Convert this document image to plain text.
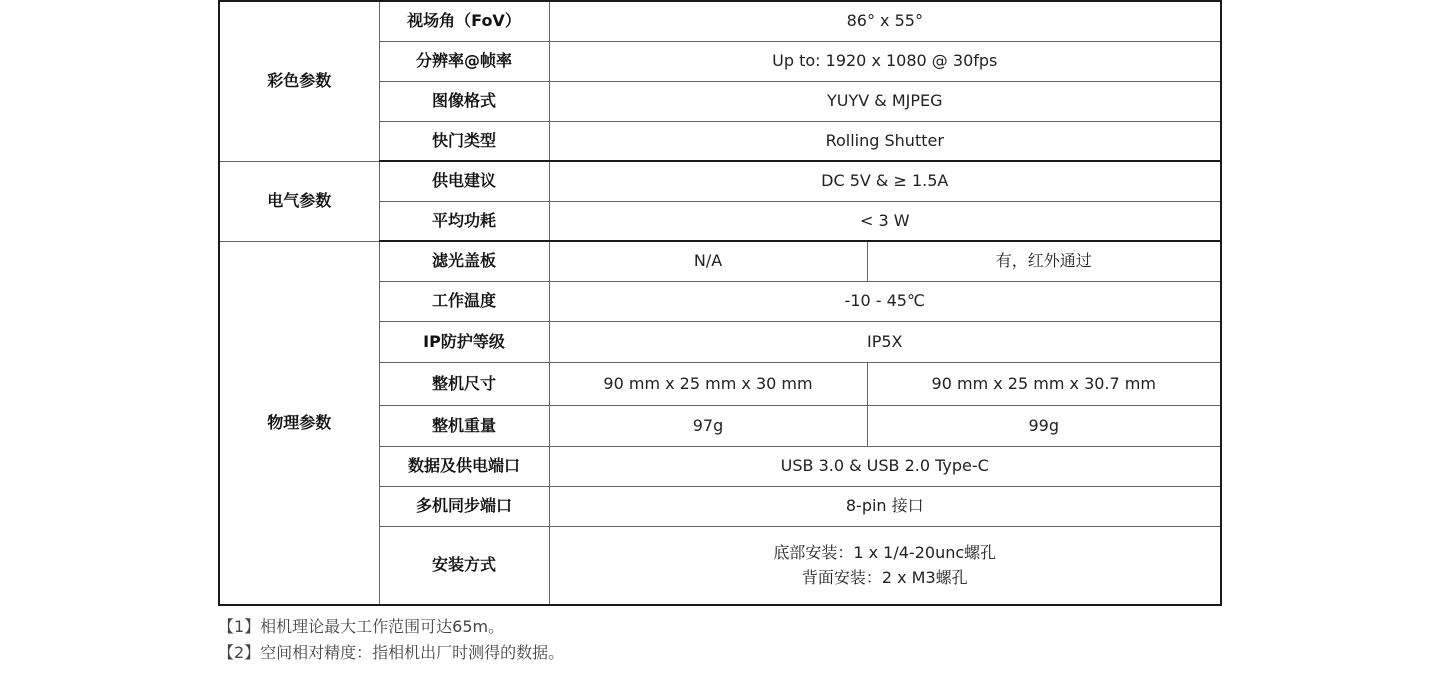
彩色参数	视场角（FoV）	86° x 55°	
	分辨率@帧率	Up to: 1920 x 1080 @ 30fps	
	图像格式	YUYV & MJPEG	
	快门类型	Rolling Shutter	
电气参数	供电建议	DC 5V & ≥ 1.5A	
	平均功耗	< 3 W	
物理参数	滤光盖板	N/A	有，红外通过
	工作温度	-10 - 45℃	
	IP防护等级	IP5X	
	整机尺寸	90 mm x 25 mm x 30 mm	90 mm x 25 mm x 30.7 mm
	整机重量	97g	99g
	数据及供电端口	USB 3.0 & USB 2.0 Type-C	
	多机同步端口	8-pin 接口	
	安装方式	底部安装：1 x 1/4-20unc螺孔
背面安装：2 x M3螺孔	
【1】相机理论最大工作范围可达65m。
【2】空间相对精度：指相机出厂时测得的数据。
